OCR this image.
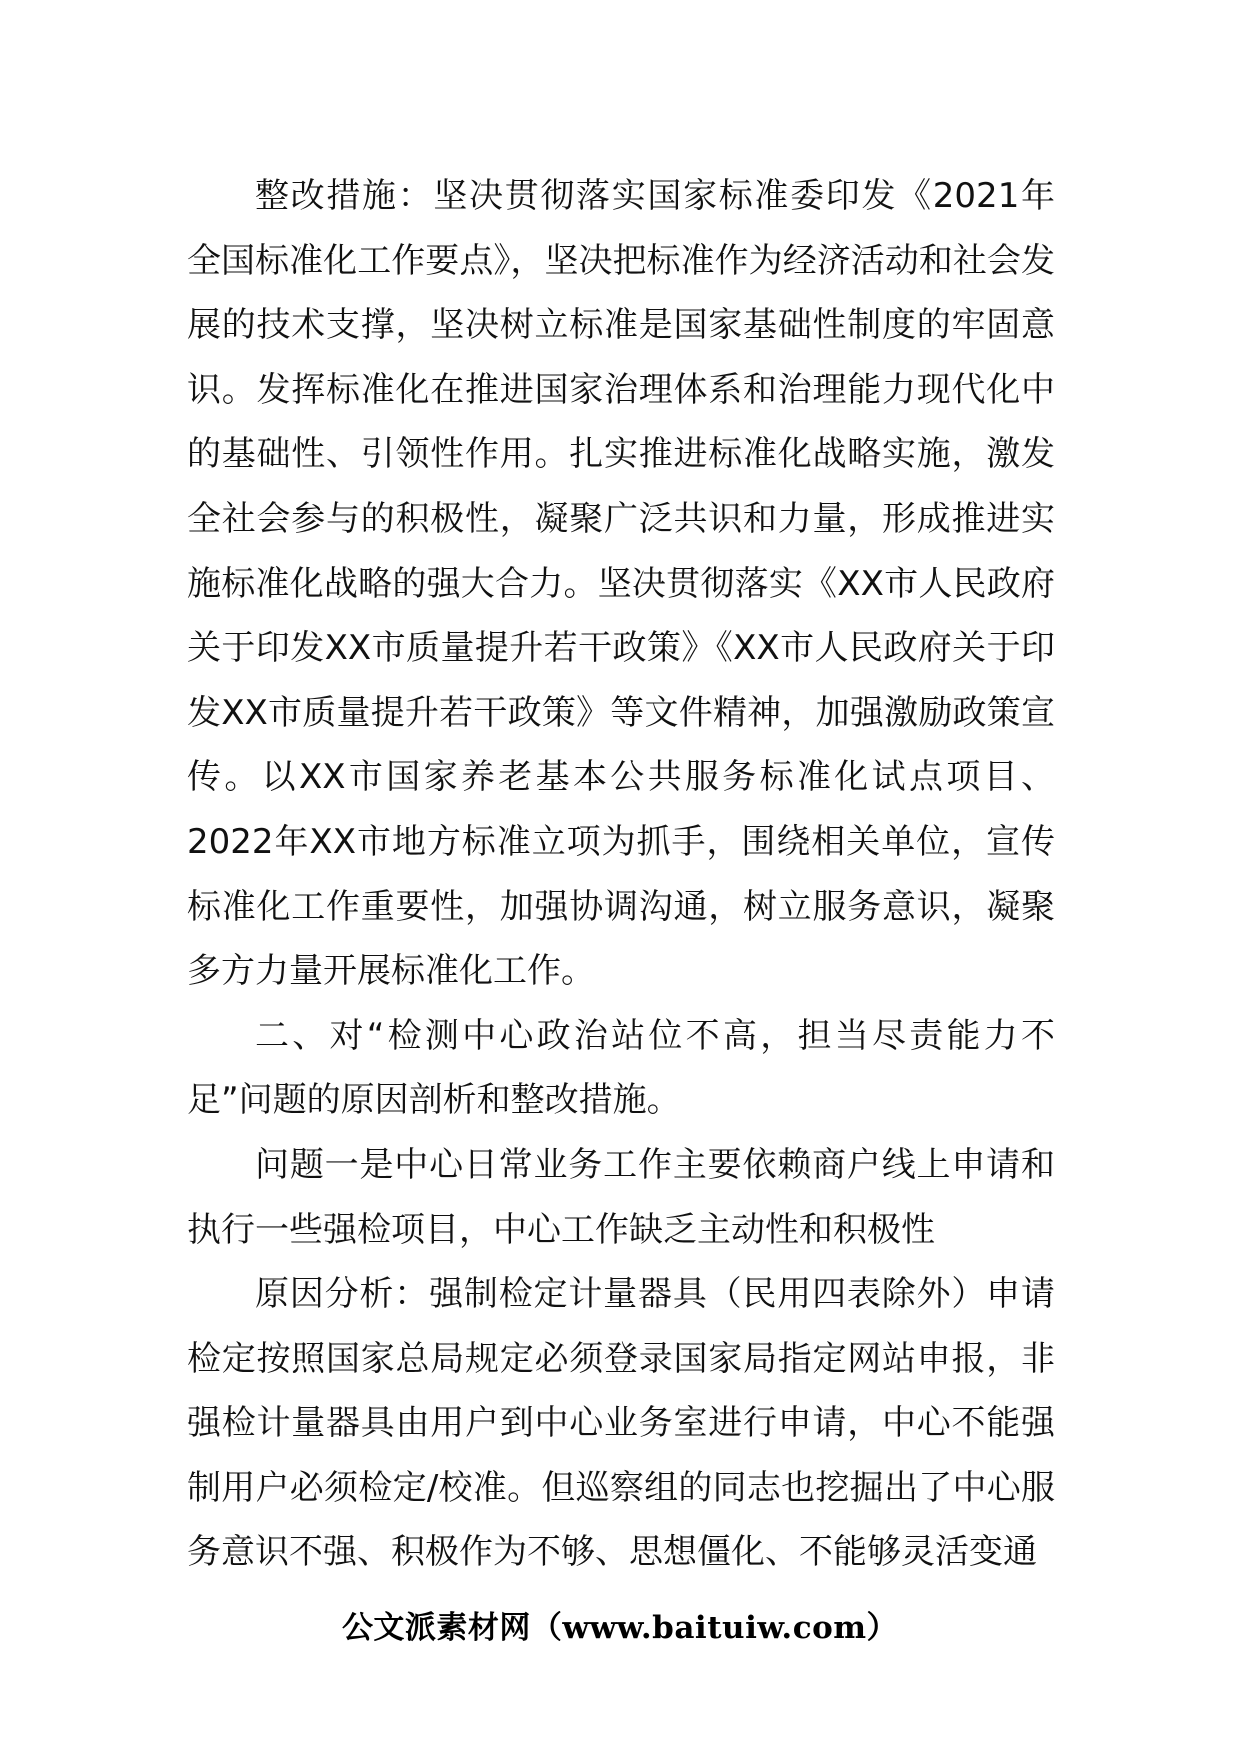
整改措施：坚决贯彻落实国家标准委印发《2021年全国标准化工作要点》，坚决把标准作为经济活动和社会发展的技术支撑，坚决树立标准是国家基础性制度的牢固意识。发挥标准化在推进国家治理体系和治理能力现代化中的基础性、引领性作用。扎实推进标准化战略实施，激发全社会参与的积极性，凝聚广泛共识和力量，形成推进实施标准化战略的强大合力。坚决贯彻落实《XX市人民政府关于印发XX市质量提升若干政策》《XX市人民政府关于印发XX市质量提升若干政策》等文件精神，加强激励政策宣传。以XX市国家养老基本公共服务标准化试点项目、2022年XX市地方标准立项为抓手，围绕相关单位，宣传标准化工作重要性，加强协调沟通，树立服务意识，凝聚多方力量开展标准化工作。

二、对“检测中心政治站位不高，担当尽责能力不足”问题的原因剖析和整改措施。

问题一是中心日常业务工作主要依赖商户线上申请和执行一些强检项目，中心工作缺乏主动性和积极性

原因分析：强制检定计量器具（民用四表除外）申请检定按照国家总局规定必须登录国家局指定网站申报，非强检计量器具由用户到中心业务室进行申请，中心不能强制用户必须检定/校准。但巡察组的同志也挖掘出了中心服务意识不强、积极作为不够、思想僵化、不能够灵活变通

公文派素材网（www.baituiw.com）
